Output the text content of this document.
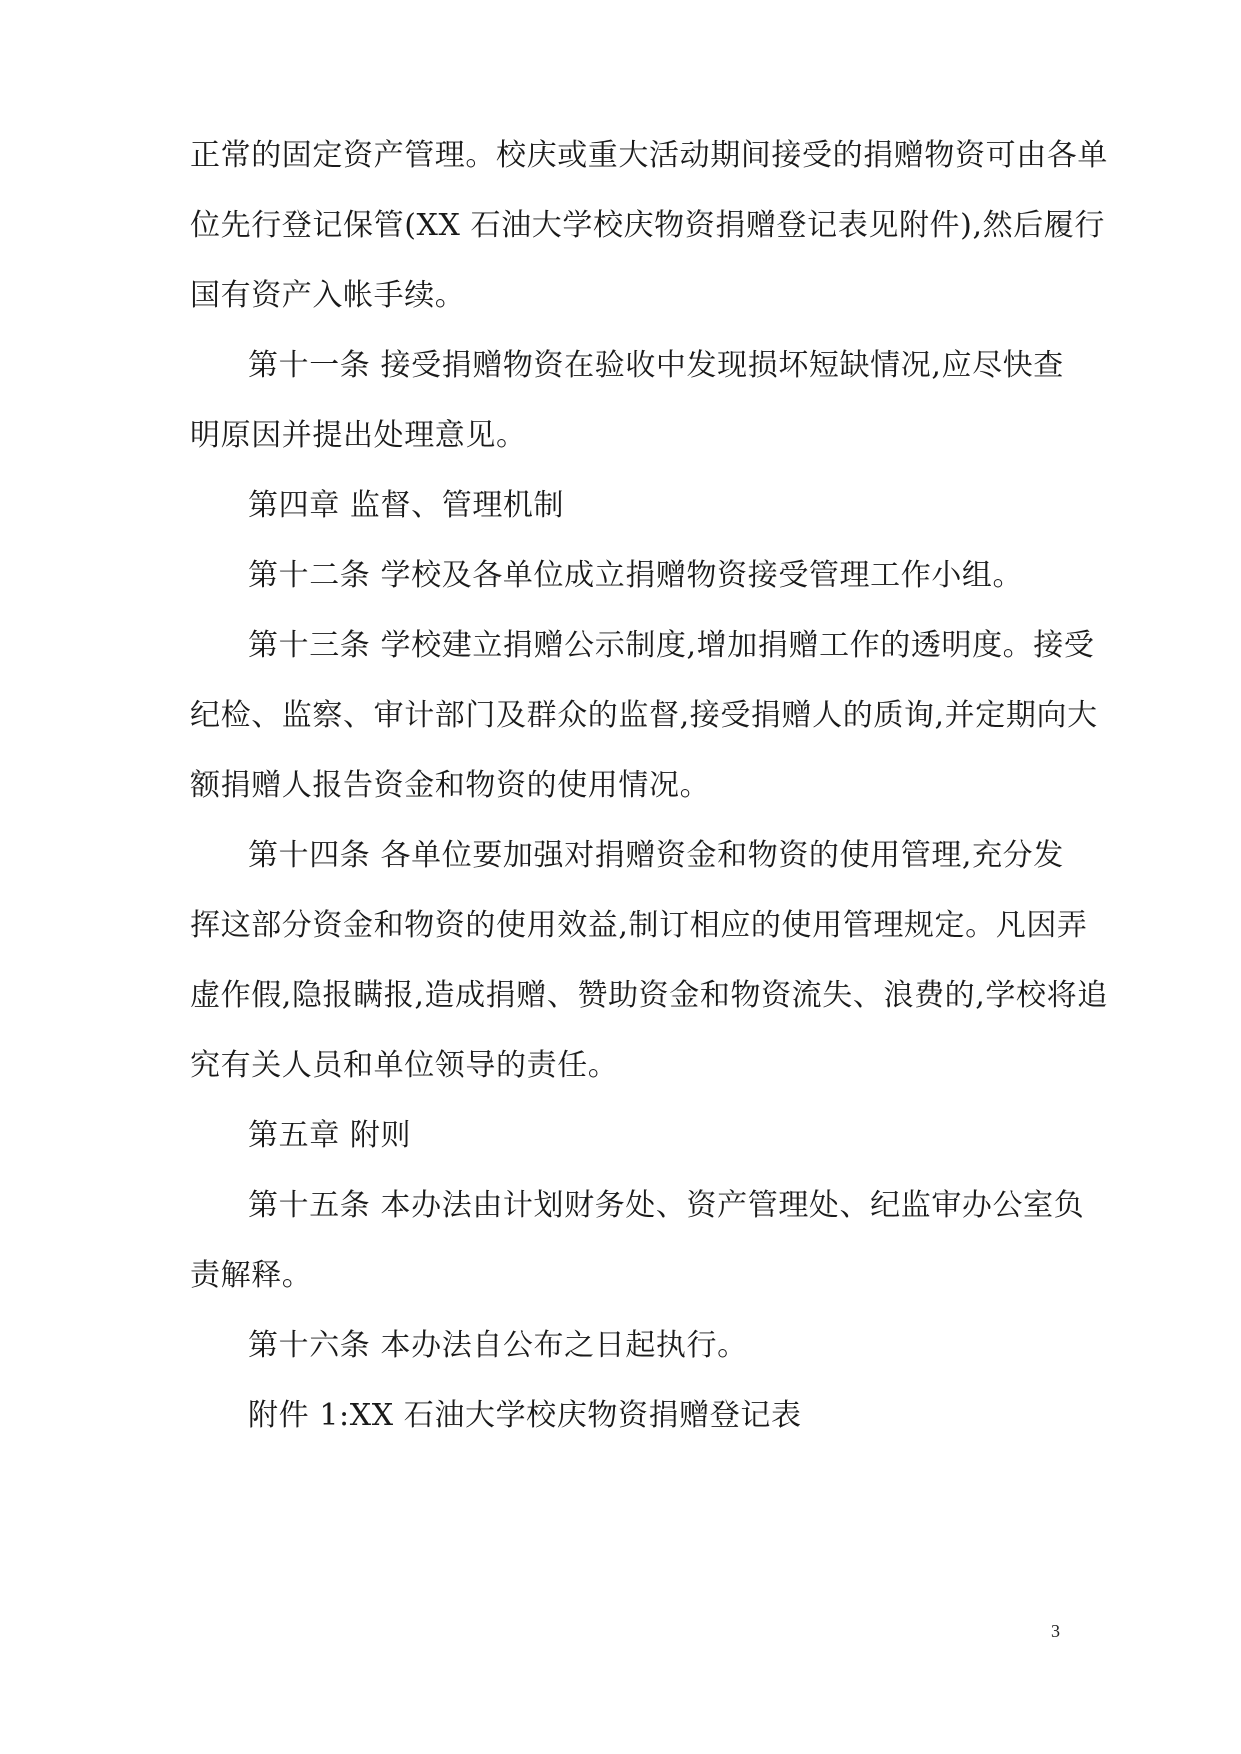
正常的固定资产管理。校庆或重大活动期间接受的捐赠物资可由各单
位先行登记保管(XX 石油大学校庆物资捐赠登记表见附件),然后履行
国有资产入帐手续。
第十一条 接受捐赠物资在验收中发现损坏短缺情况,应尽快查
明原因并提出处理意见。
第四章 监督、管理机制
第十二条 学校及各单位成立捐赠物资接受管理工作小组。
第十三条 学校建立捐赠公示制度,增加捐赠工作的透明度。接受
纪检、监察、审计部门及群众的监督,接受捐赠人的质询,并定期向大
额捐赠人报告资金和物资的使用情况。
第十四条 各单位要加强对捐赠资金和物资的使用管理,充分发
挥这部分资金和物资的使用效益,制订相应的使用管理规定。凡因弄
虚作假,隐报瞒报,造成捐赠、赞助资金和物资流失、浪费的,学校将追
究有关人员和单位领导的责任。
第五章 附则
第十五条 本办法由计划财务处、资产管理处、纪监审办公室负
责解释。
第十六条 本办法自公布之日起执行。
附件 1:XX 石油大学校庆物资捐赠登记表
3
